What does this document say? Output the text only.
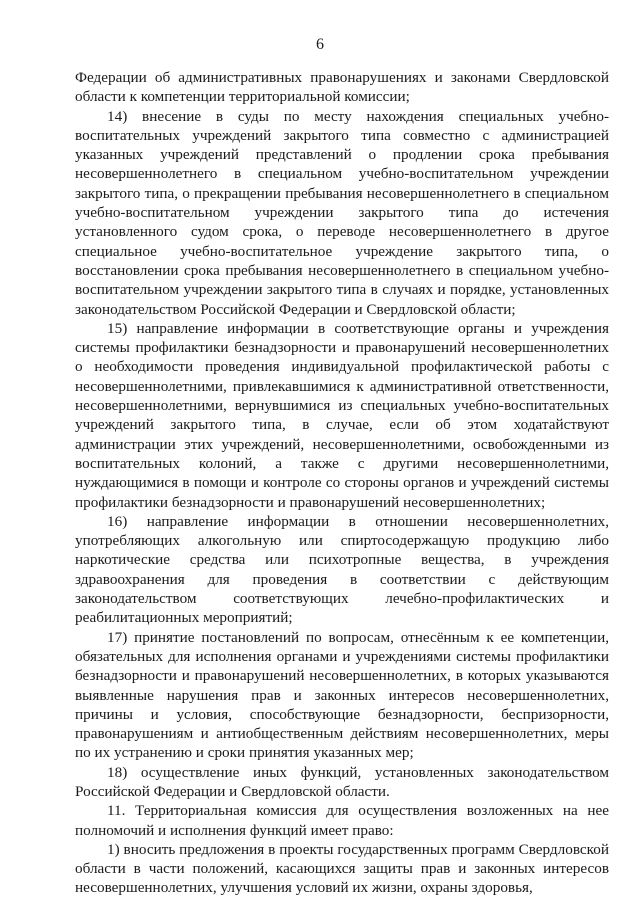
6

Федерации об административных правонарушениях и законами Свердловской области к компетенции территориальной комиссии;

14) внесение в суды по месту нахождения специальных учебно-воспитательных учреждений закрытого типа совместно с администрацией указанных учреждений представлений о продлении срока пребывания несовершеннолетнего в специальном учебно-воспитательном учреждении закрытого типа, о прекращении пребывания несовершеннолетнего в специальном учебно-воспитательном учреждении закрытого типа до истечения установленного судом срока, о переводе несовершеннолетнего в другое специальное учебно-воспитательное учреждение закрытого типа, о восстановлении срока пребывания несовершеннолетнего в специальном учебно-воспитательном учреждении закрытого типа в случаях и порядке, установленных законодательством Российской Федерации и Свердловской области;

15) направление информации в соответствующие органы и учреждения системы профилактики безнадзорности и правонарушений несовершеннолетних о необходимости проведения индивидуальной профилактической работы с несовершеннолетними, привлекавшимися к административной ответственности, несовершеннолетними, вернувшимися из специальных учебно-воспитательных учреждений закрытого типа, в случае, если об этом ходатайствуют администрации этих учреждений, несовершеннолетними, освобожденными из воспитательных колоний, а также с другими несовершеннолетними, нуждающимися в помощи и контроле со стороны органов и учреждений системы профилактики безнадзорности и правонарушений несовершеннолетних;

16) направление информации в отношении несовершеннолетних, употребляющих алкогольную или спиртосодержащую продукцию либо наркотические средства или психотропные вещества, в учреждения здравоохранения для проведения в соответствии с действующим законодательством соответствующих лечебно-профилактических и реабилитационных мероприятий;

17) принятие постановлений по вопросам, отнесённым к ее компетенции, обязательных для исполнения органами и учреждениями системы профилактики безнадзорности и правонарушений несовершеннолетних, в которых указываются выявленные нарушения прав и законных интересов несовершеннолетних, причины и условия, способствующие безнадзорности, беспризорности, правонарушениям и антиобщественным действиям несовершеннолетних, меры по их устранению и сроки принятия указанных мер;

18) осуществление иных функций, установленных законодательством Российской Федерации и Свердловской области.

11. Территориальная комиссия для осуществления возложенных на нее полномочий и исполнения функций имеет право:

1) вносить предложения в проекты государственных программ Свердловской области в части положений, касающихся защиты прав и законных интересов несовершеннолетних, улучшения условий их жизни, охраны здоровья,
